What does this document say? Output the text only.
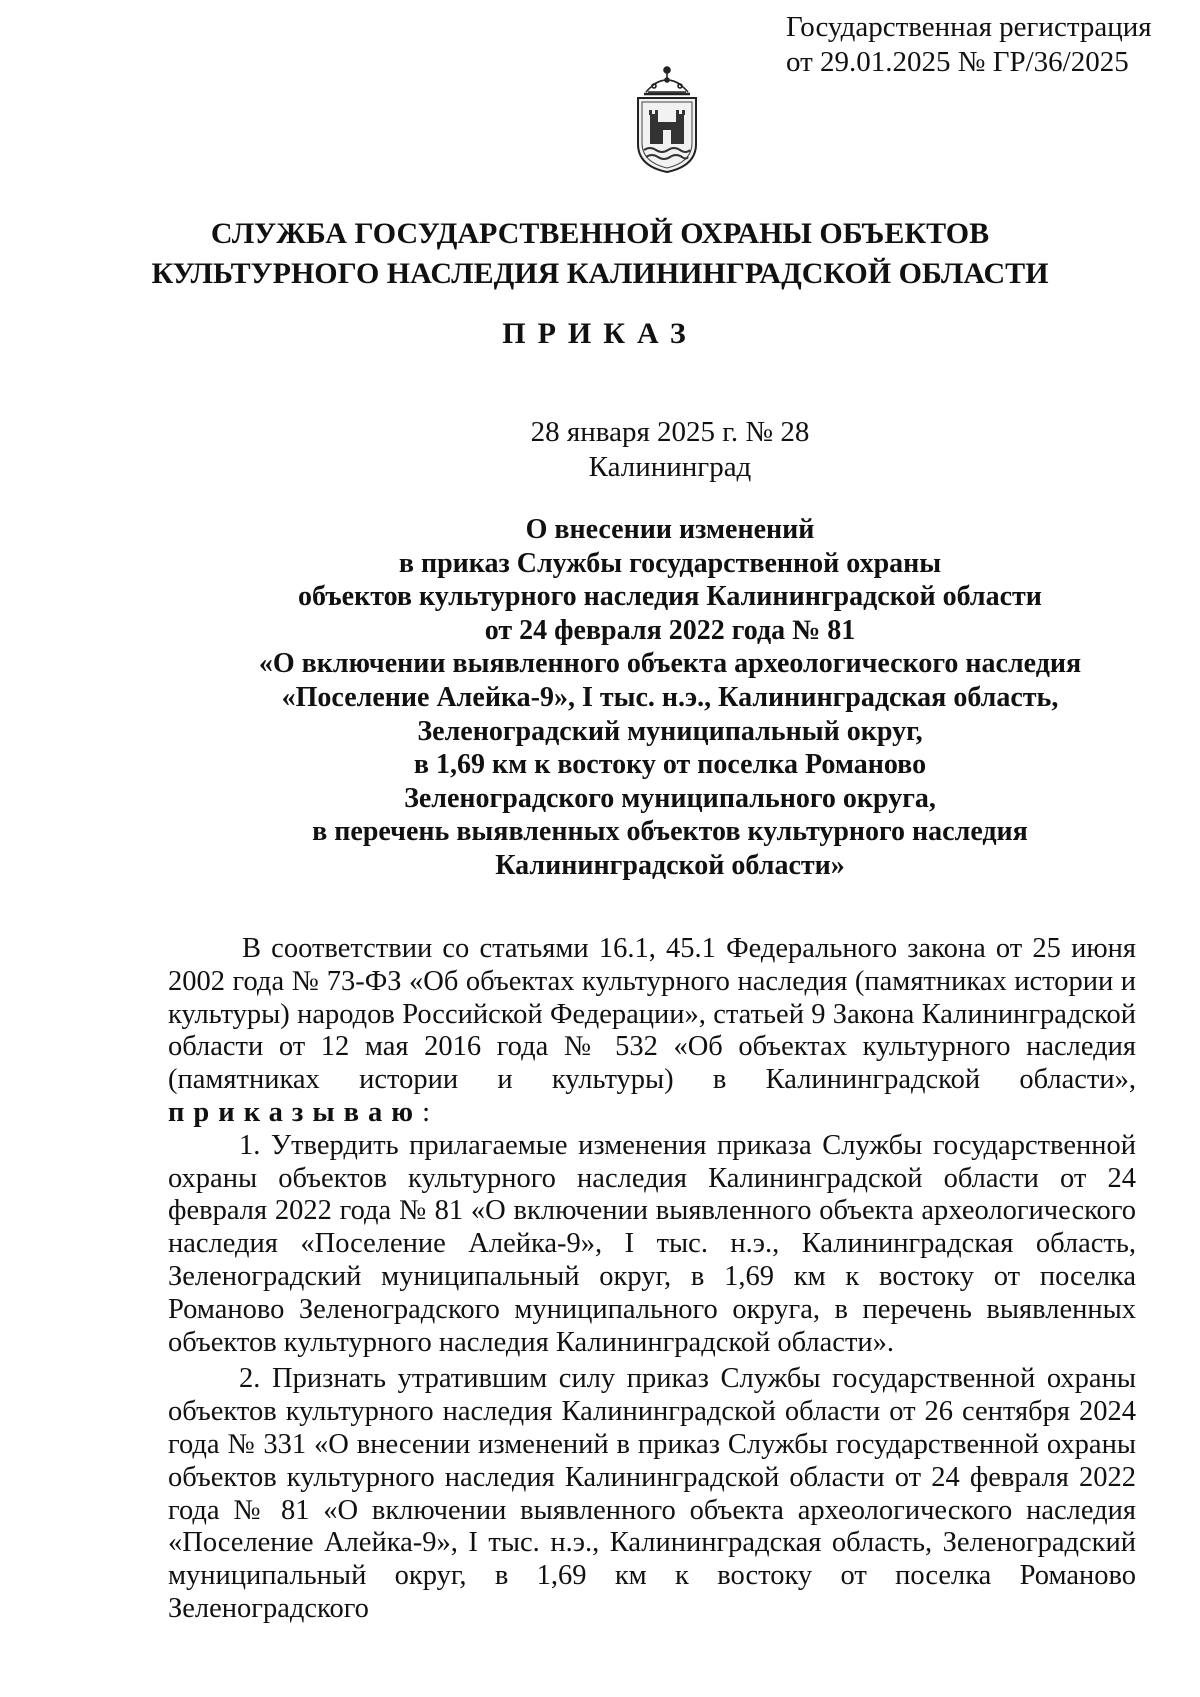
Государственная регистрация
от 29.01.2025 № ГР/36/2025
СЛУЖБА ГОСУДАРСТВЕННОЙ ОХРАНЫ ОБЪЕКТОВ
КУЛЬТУРНОГО НАСЛЕДИЯ КАЛИНИНГРАДСКОЙ ОБЛАСТИ
ПРИКАЗ
28 января 2025 г. № 28
Калининград
О внесении изменений
в приказ Службы государственной охраны
объектов культурного наследия Калининградской области
от 24 февраля 2022 года № 81
«О включении выявленного объекта археологического наследия
«Поселение Алейка-9», I тыс. н.э., Калининградская область,
Зеленоградский муниципальный округ,
в 1,69 км к востоку от поселка Романово
Зеленоградского муниципального округа,
в перечень выявленных объектов культурного наследия
Калининградской области»

В соответствии со статьями 16.1, 45.1 Федерального закона от 25 июня 2002 года № 73-ФЗ «Об объектах культурного наследия (памятниках истории и культуры) народов Российской Федерации», статьей 9 Закона Калининградской области от 12 мая 2016 года № 532 «Об объектах культурного наследия (памятниках истории и культуры) в Калининградской области», приказываю:

1. Утвердить прилагаемые изменения приказа Службы государственной охраны объектов культурного наследия Калининградской области от 24 февраля 2022 года № 81 «О включении выявленного объекта археологического наследия «Поселение Алейка-9», I тыс. н.э., Калининградская область, Зеленоградский муниципальный округ, в 1,69 км к востоку от поселка Романово Зеленоградского муниципального округа, в перечень выявленных объектов культурного наследия Калининградской области».

2. Признать утратившим силу приказ Службы государственной охраны объектов культурного наследия Калининградской области от 26 сентября 2024 года № 331 «О внесении изменений в приказ Службы государственной охраны объектов культурного наследия Калининградской области от 24 февраля 2022 года № 81 «О включении выявленного объекта археологического наследия «Поселение Алейка-9», I тыс. н.э., Калининградская область, Зеленоградский муниципальный округ, в 1,69 км к востоку от поселка Романово Зеленоградского
